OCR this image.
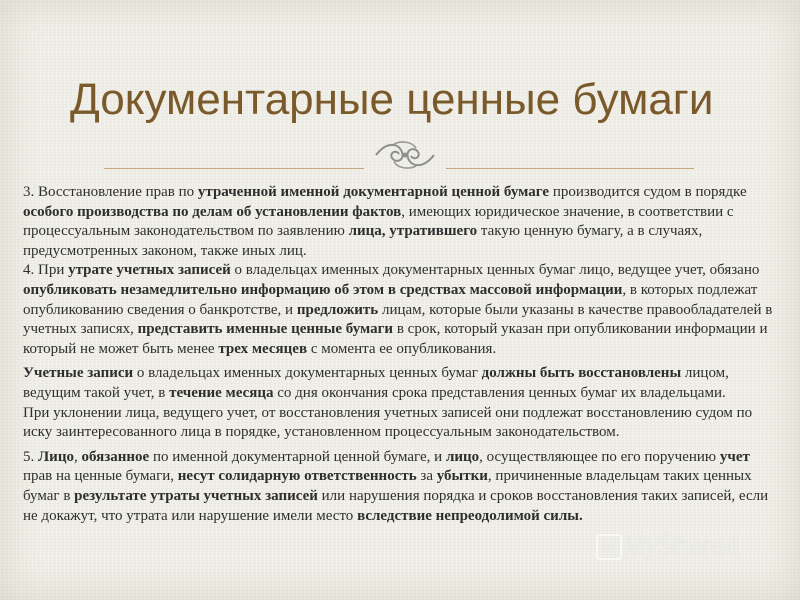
Документарные ценные бумаги

3. Восстановление прав по утраченной именной документарной ценной бумаге производится судом в порядке особого производства по делам об установлении фактов, имеющих юридическое значение, в соответствии с процессуальным законодательством по заявлению лица, утратившего такую ценную бумагу, а в случаях, предусмотренных законом, также иных лиц.

4. При утрате учетных записей о владельцах именных документарных ценных бумаг лицо, ведущее учет, обязано опубликовать незамедлительно информацию об этом в средствах массовой информации, в которых подлежат опубликованию сведения о банкротстве, и предложить лицам, которые были указаны в качестве правообладателей в учетных записях, представить именные ценные бумаги в срок, который указан при опубликовании информации и который не может быть менее трех месяцев с момента ее опубликования.

Учетные записи о владельцах именных документарных ценных бумаг должны быть восстановлены лицом, ведущим такой учет, в течение месяца со дня окончания срока представления ценных бумаг их владельцами.

При уклонении лица, ведущего учет, от восстановления учетных записей они подлежат восстановлению судом по иску заинтересованного лица в порядке, установленном процессуальным законодательством.

5. Лицо, обязанное по именной документарной ценной бумаге, и лицо, осуществляющее по его поручению учет прав на ценные бумаги, несут солидарную ответственность за убытки, причиненные владельцам таких ценных бумаг в результате утраты учетных записей или нарушения порядка и сроков восстановления таких записей, если не докажут, что утрата или нарушение имели место вследствие непреодолимой силы.

M MyShared
